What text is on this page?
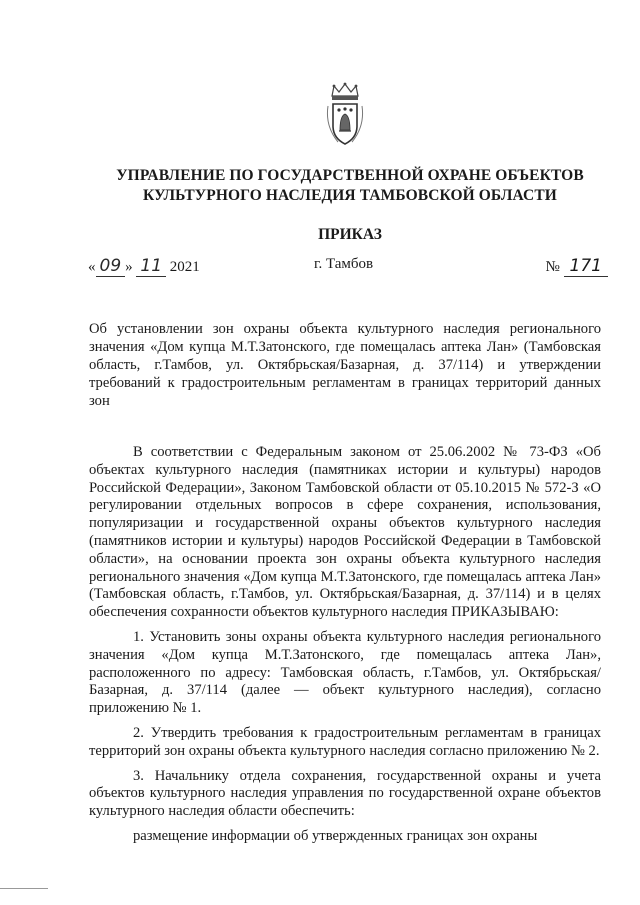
УПРАВЛЕНИЕ ПО ГОСУДАРСТВЕННОЙ ОХРАНЕ ОБЪЕКТОВ
КУЛЬТУРНОГО НАСЛЕДИЯ ТАМБОВСКОЙ ОБЛАСТИ
ПРИКАЗ
« 09 » 11 2021	г. Тамбов	№ 171
Об установлении зон охраны объекта культурного наследия регионального значения «Дом купца М.Т.Затонского, где помещалась аптека Лан» (Тамбовская область, г.Тамбов, ул. Октябрьская/Базарная, д. 37/114) и утверждении требований к градостроительным регламентам в границах территорий данных зон

В соответствии с Федеральным законом от 25.06.2002 № 73-ФЗ «Об объектах культурного наследия (памятниках истории и культуры) народов Российской Федерации», Законом Тамбовской области от 05.10.2015 № 572-З «О регулировании отдельных вопросов в сфере сохранения, использования, популяризации и государственной охраны объектов культурного наследия (памятников истории и культуры) народов Российской Федерации в Тамбовской области», на основании проекта зон охраны объекта культурного наследия регионального значения «Дом купца М.Т.Затонского, где помещалась аптека Лан» (Тамбовская область, г.Тамбов, ул. Октябрьская/Базарная, д. 37/114) и в целях обеспечения сохранности объектов культурного наследия ПРИКАЗЫВАЮ:

1. Установить зоны охраны объекта культурного наследия регионального значения «Дом купца М.Т.Затонского, где помещалась аптека Лан», расположенного по адресу: Тамбовская область, г.Тамбов, ул. Октябрьская/Базарная, д. 37/114 (далее — объект культурного наследия), согласно приложению № 1.

2. Утвердить требования к градостроительным регламентам в границах территорий зон охраны объекта культурного наследия согласно приложению № 2.

3. Начальнику отдела сохранения, государственной охраны и учета объектов культурного наследия управления по государственной охране объектов культурного наследия области обеспечить:

размещение информации об утвержденных границах зон охраны
